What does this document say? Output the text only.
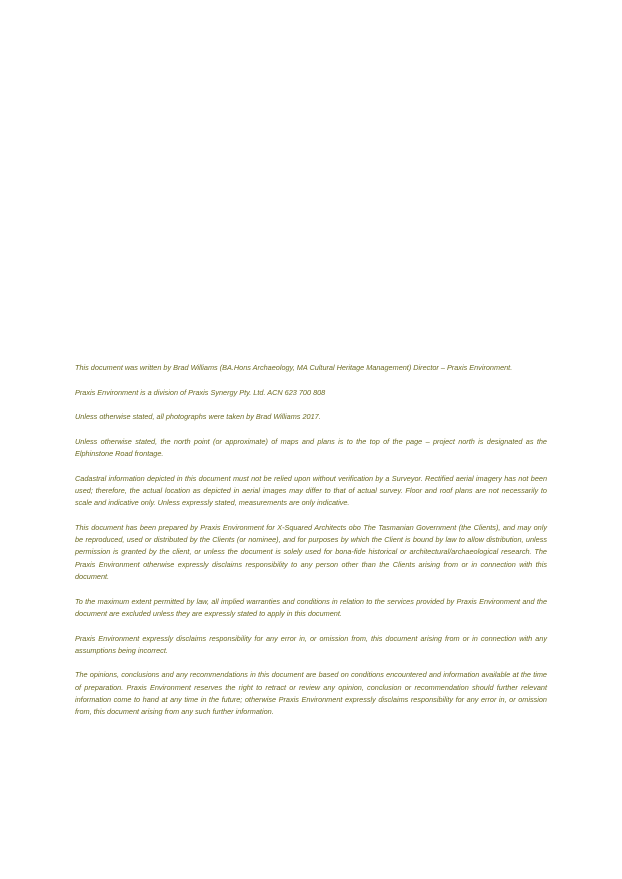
This document was written by Brad Williams (BA.Hons Archaeology, MA Cultural Heritage Management) Director – Praxis Environment.

Praxis Environment is a division of Praxis Synergy Pty. Ltd. ACN 623 700 808

Unless otherwise stated, all photographs were taken by Brad Williams 2017.

Unless otherwise stated, the north point (or approximate) of maps and plans is to the top of the page – project north is designated as the Elphinstone Road frontage.

Cadastral information depicted in this document must not be relied upon without verification by a Surveyor. Rectified aerial imagery has not been used; therefore, the actual location as depicted in aerial images may differ to that of actual survey. Floor and roof plans are not necessarily to scale and indicative only. Unless expressly stated, measurements are only indicative.

This document has been prepared by Praxis Environment for X-Squared Architects obo The Tasmanian Government (the Clients), and may only be reproduced, used or distributed by the Clients (or nominee), and for purposes by which the Client is bound by law to allow distribution, unless permission is granted by the client, or unless the document is solely used for bona-fide historical or architectural/archaeological research. The Praxis Environment otherwise expressly disclaims responsibility to any person other than the Clients arising from or in connection with this document.

To the maximum extent permitted by law, all implied warranties and conditions in relation to the services provided by Praxis Environment and the document are excluded unless they are expressly stated to apply in this document.

Praxis Environment expressly disclaims responsibility for any error in, or omission from, this document arising from or in connection with any assumptions being incorrect.

The opinions, conclusions and any recommendations in this document are based on conditions encountered and information available at the time of preparation. Praxis Environment reserves the right to retract or review any opinion, conclusion or recommendation should further relevant information come to hand at any time in the future; otherwise Praxis Environment expressly disclaims responsibility for any error in, or omission from, this document arising from any such further information.
